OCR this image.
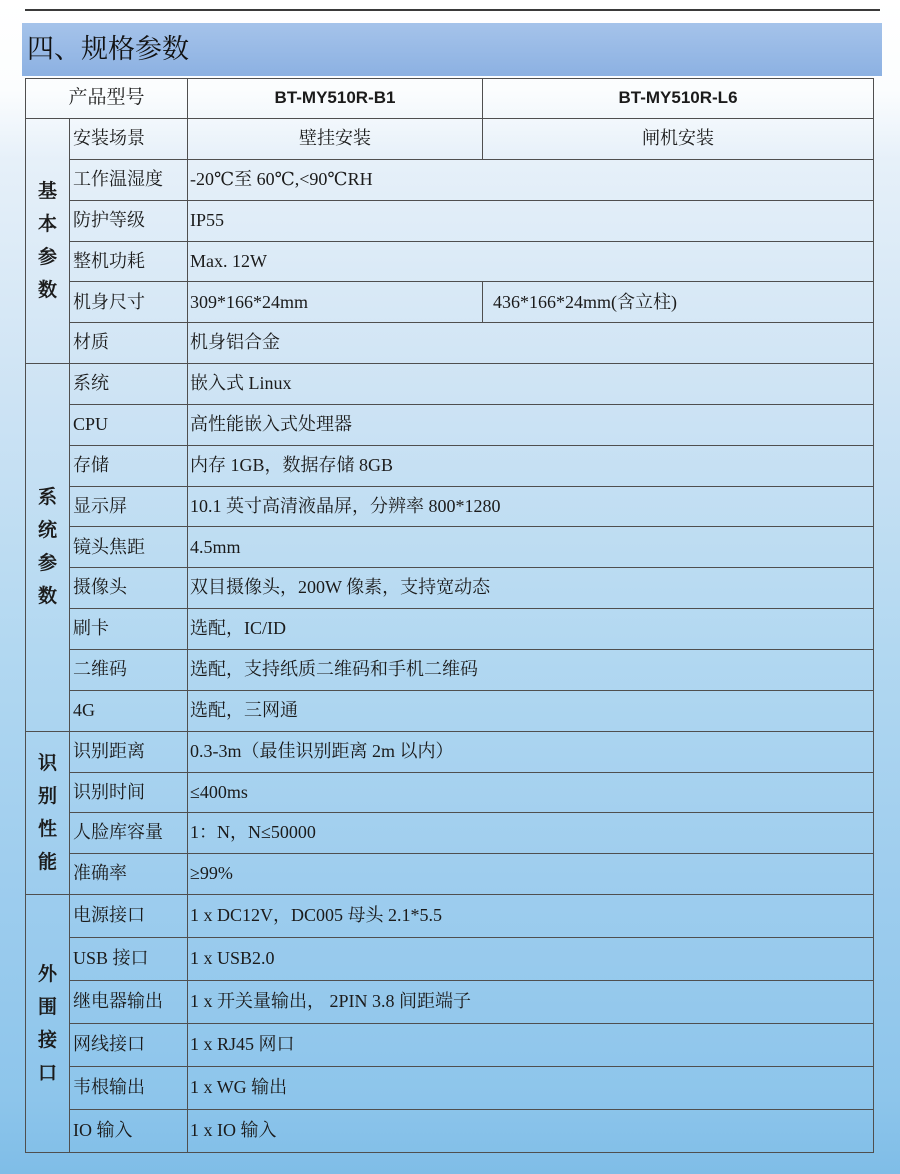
四、规格参数
产品型号		BT-MY510R-B1	BT-MY510R-L6
基本参数	安装场景	壁挂安装	闸机安装
	工作温湿度	-20℃至 60℃,<90℃RH	
	防护等级	IP55	
	整机功耗	Max. 12W	
	机身尺寸	309*166*24mm	436*166*24mm(含立柱)
	材质	机身铝合金	
系统参数	系统	嵌入式 Linux	
	CPU	高性能嵌入式处理器	
	存储	内存 1GB，数据存储 8GB	
	显示屏	10.1 英寸高清液晶屏，分辨率 800*1280	
	镜头焦距	4.5mm	
	摄像头	双目摄像头，200W 像素，支持宽动态	
	刷卡	选配，IC/ID	
	二维码	选配，支持纸质二维码和手机二维码	
	4G	选配，三网通	
识别性能	识别距离	0.3-3m（最佳识别距离 2m 以内）	
	识别时间	≤400ms	
	人脸库容量	1：N，N≤50000	
	准确率	≥99%	
外围接口	电源接口	1 x DC12V，DC005 母头 2.1*5.5	
	USB 接口	1 x USB2.0	
	继电器输出	1 x 开关量输出， 2PIN 3.8 间距端子	
	网线接口	1 x RJ45 网口	
	韦根输出	1 x WG 输出	
	IO 输入	1 x IO 输入	
